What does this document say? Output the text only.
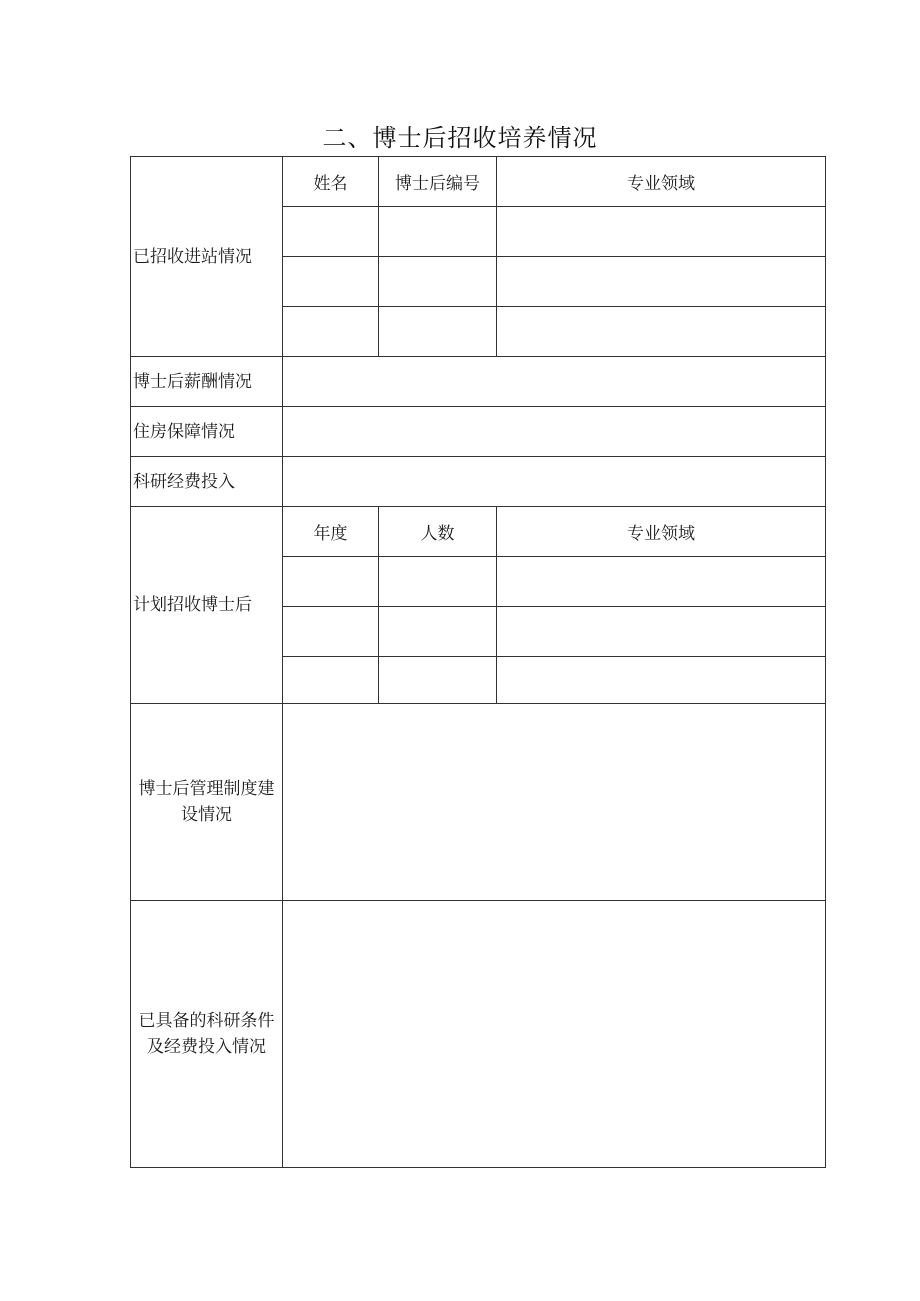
二、博士后招收培养情况
已招收进站情况	姓名	博士后编号	专业领域

博士后薪酬情况			
住房保障情况			
科研经费投入			
计划招收博士后	年度	人数	专业领域

博士后管理制度建设情况			
已具备的科研条件及经费投入情况			
